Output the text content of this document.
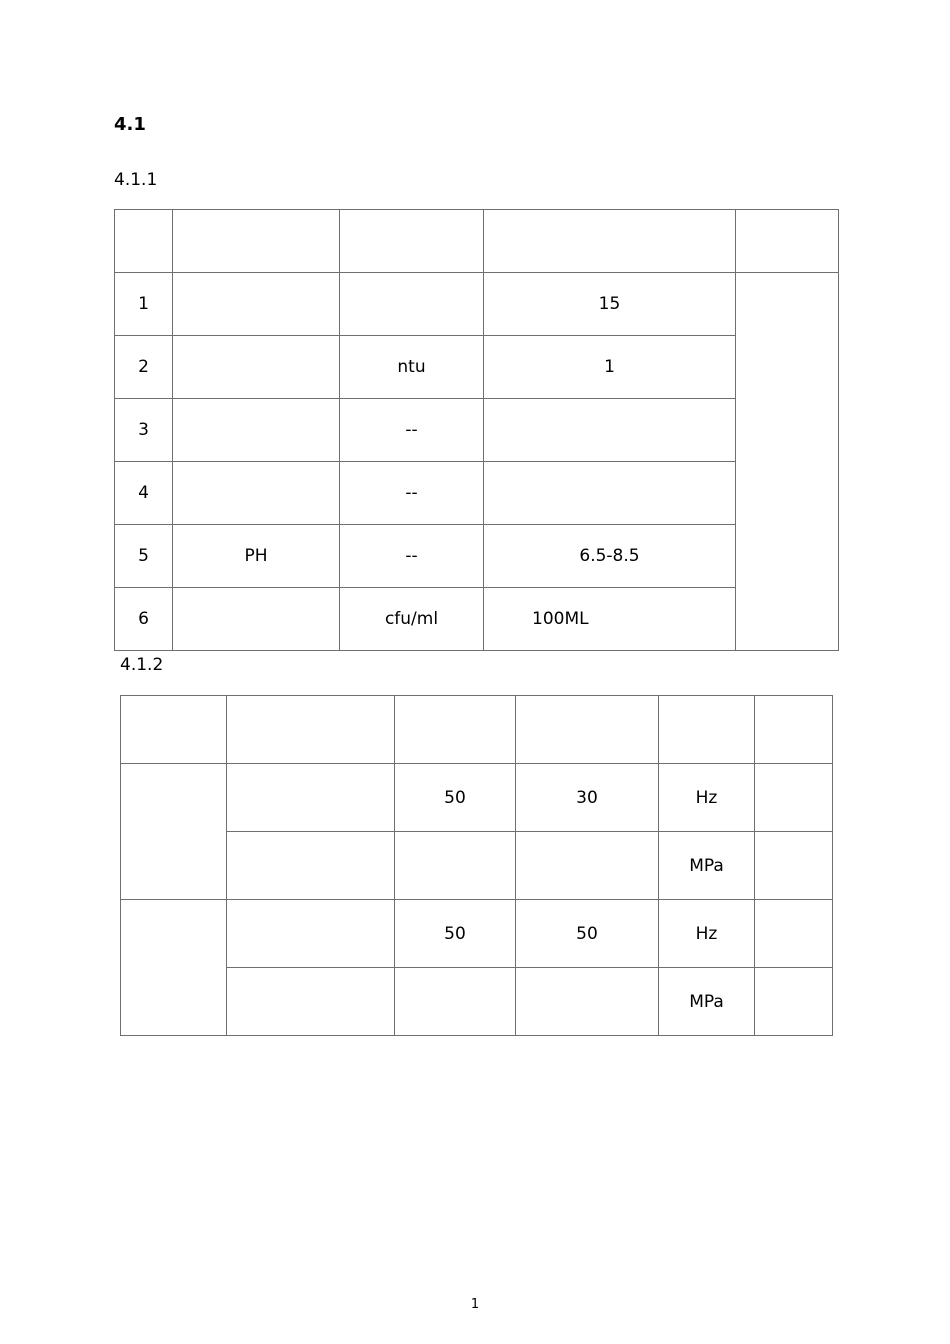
4.1
4.1.1

1			15	
2		ntu	1	
3		--		
4		--		
5	PH	--	6.5-8.5	
6		cfu/ml	100ML	
4.1.2

		50	30	Hz	
				MPa	
		50	50	Hz	
				MPa	
1
